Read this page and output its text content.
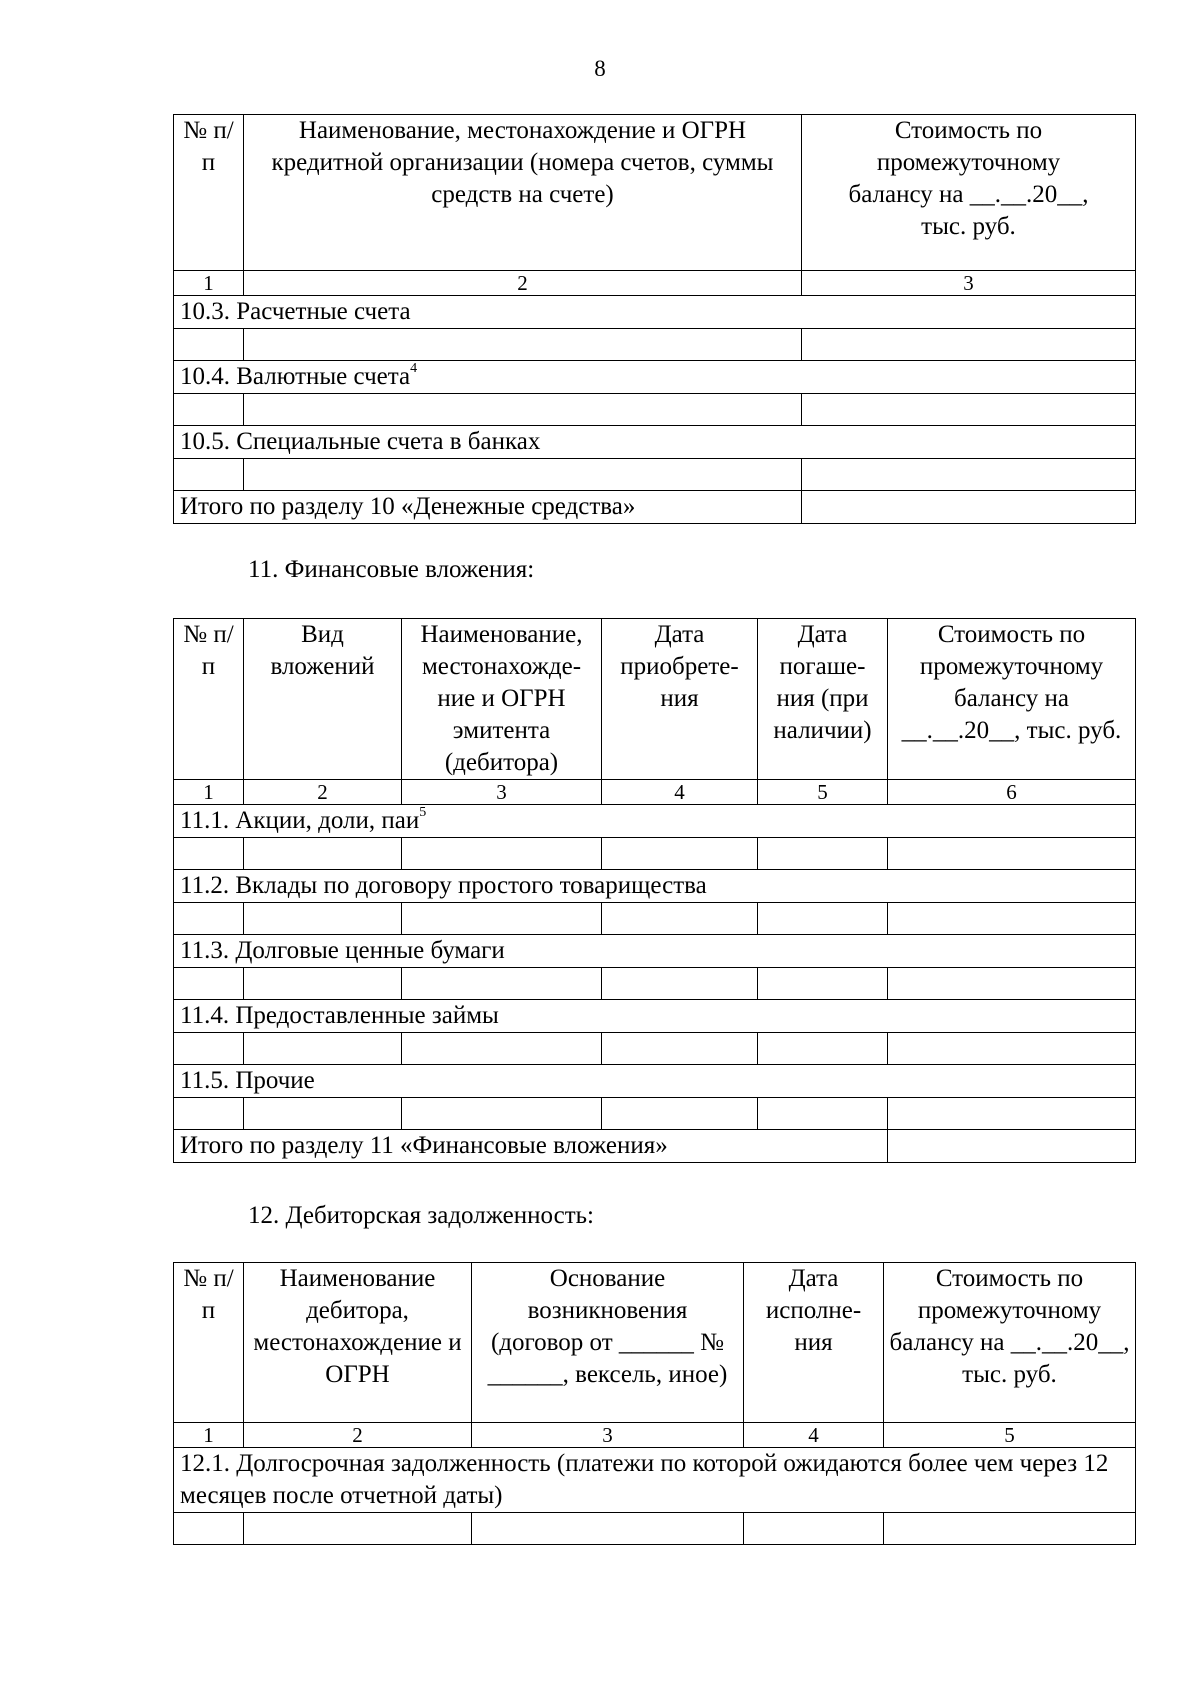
8
№ п/п	Наименование, местонахождение и ОГРН кредитной организации (номера счетов, суммы средств на счете)	Стоимость по промежуточному балансу на __.__.20__, тыс. руб.
1	2	3
10.3. Расчетные счета		

10.4. Валютные счета$^4$

10.5. Специальные счета в банках		

Итого по разделу 10 «Денежные средства»		
11. Финансовые вложения:
№ п/п	Вид вложений	Наименование, местонахожде-ние и ОГРН эмитента (дебитора)	Дата приобрете-ния	Дата погаше-ния (при наличии)	Стоимость по промежуточному балансу на __.__.20__, тыс. руб.
1	2	3	4	5	6
11.1. Акции, доли, паи$^5$

11.2. Вклады по договору простого товарищества					

11.3. Долговые ценные бумаги					

11.4. Предоставленные займы					

11.5. Прочие					

Итого по разделу 11 «Финансовые вложения»					
12. Дебиторская задолженность:
№ п/п	Наименование дебитора, местонахождение и ОГРН	Основание возникновения (договор от ______ № ______, вексель, иное)	Дата исполне-ния	Стоимость по промежуточному балансу на __.__.20__, тыс. руб.
1	2	3	4	5
12.1. Долгосрочная задолженность (платежи по которой ожидаются более чем через 12 месяцев после отчетной даты)				
